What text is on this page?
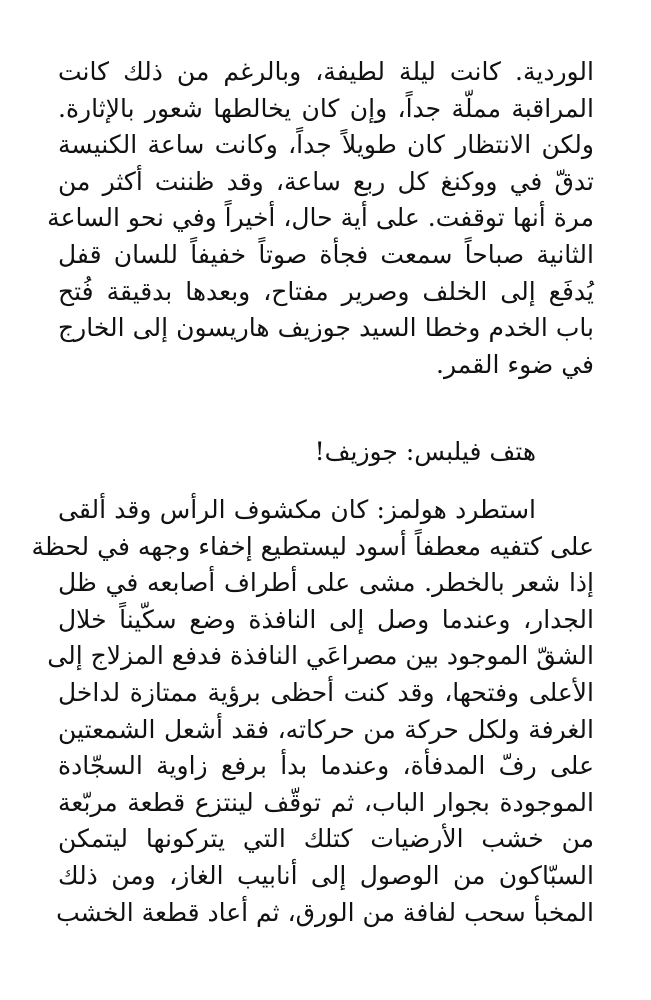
الوردية. كانت ليلة لطيفة، وبالرغم من ذلك كانت
المراقبة مملّة جداً، وإن كان يخالطها شعور بالإثارة.
ولكن الانتظار كان طويلاً جداً، وكانت ساعة الكنيسة
تدقّ في ووكنغ كل ربع ساعة، وقد ظننت أكثر من
مرة أنها توقفت. على أية حال، أخيراً وفي نحو الساعة
الثانية صباحاً سمعت فجأة صوتاً خفيفاً للسان قفل
يُدفَع إلى الخلف وصرير مفتاح، وبعدها بدقيقة فُتح
باب الخدم وخطا السيد جوزيف هاريسون إلى الخارج
في ضوء القمر.

هتف فيلبس: جوزيف!

استطرد هولمز: كان مكشوف الرأس وقد ألقى
على كتفيه معطفاً أسود ليستطيع إخفاء وجهه في لحظة
إذا شعر بالخطر. مشى على أطراف أصابعه في ظل
الجدار، وعندما وصل إلى النافذة وضع سكّيناً خلال
الشقّ الموجود بين مصراعَي النافذة فدفع المزلاج إلى
الأعلى وفتحها، وقد كنت أحظى برؤية ممتازة لداخل
الغرفة ولكل حركة من حركاته، فقد أشعل الشمعتين
على رفّ المدفأة، وعندما بدأ برفع زاوية السجّادة
الموجودة بجوار الباب، ثم توقّف لينتزع قطعة مربّعة
من خشب الأرضيات كتلك التي يتركونها ليتمكن
السبّاكون من الوصول إلى أنابيب الغاز، ومن ذلك
المخبأ سحب لفافة من الورق، ثم أعاد قطعة الخشب
